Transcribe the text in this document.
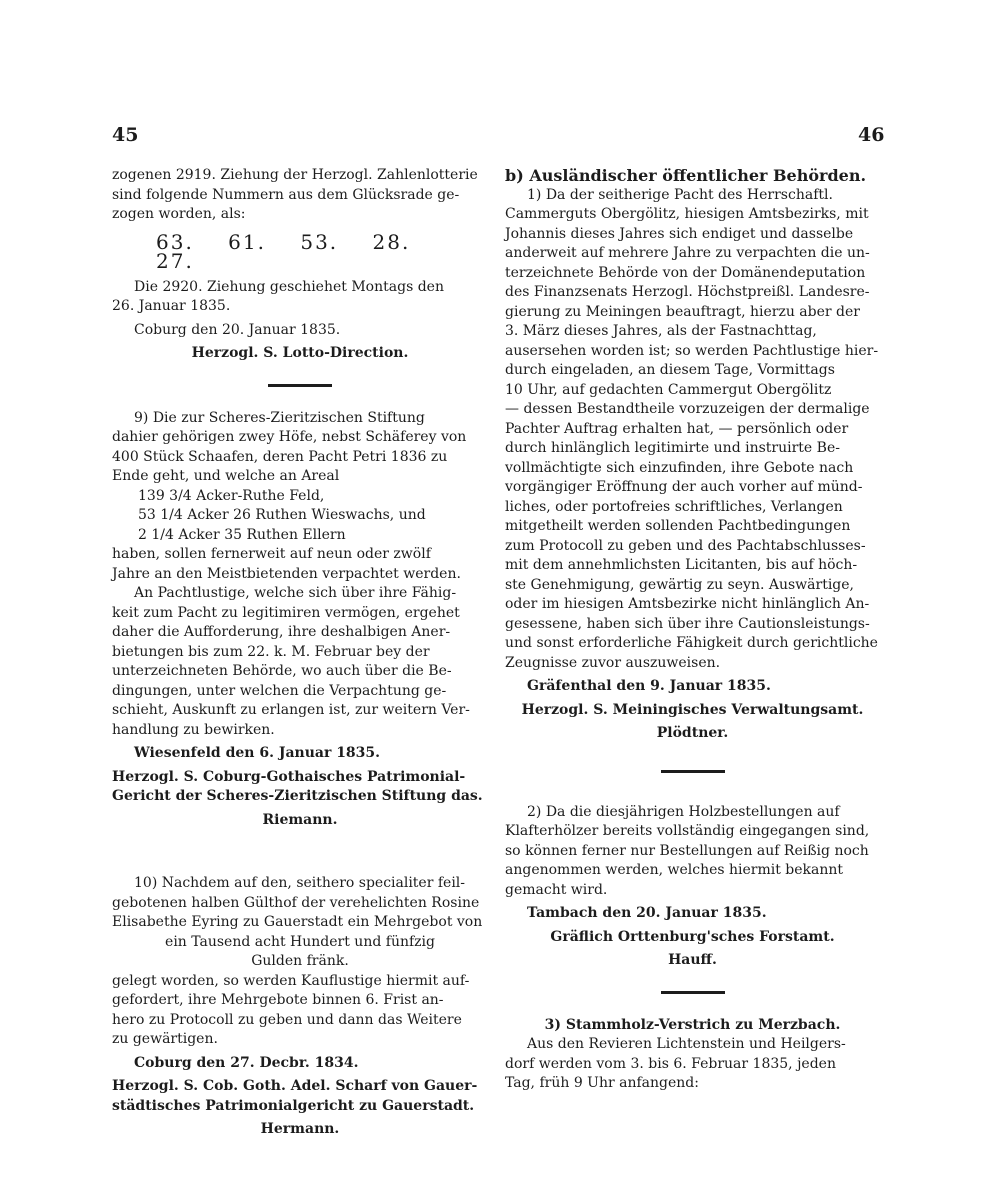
45	46

zogenen 2919. Ziehung der Herzogl. Zahlenlotterie

sind folgende Nummern aus dem Glücksrade ge-

zogen worden, als:

63. 61. 53. 28. 27.

Die 2920. Ziehung geschiehet Montags den

26. Januar 1835.

Coburg den 20. Januar 1835.

Herzogl. S. Lotto-Direction.

9) Die zur Scheres-Zieritzischen Stiftung

dahier gehörigen zwey Höfe, nebst Schäferey von

400 Stück Schaafen, deren Pacht Petri 1836 zu

Ende geht, und welche an Areal

139 3/4 Acker-Ruthe Feld,

53 1/4 Acker 26 Ruthen Wieswachs, und

2 1/4 Acker 35 Ruthen Ellern

haben, sollen fernerweit auf neun oder zwölf

Jahre an den Meistbietenden verpachtet werden.

An Pachtlustige, welche sich über ihre Fähig-

keit zum Pacht zu legitimiren vermögen, ergehet

daher die Aufforderung, ihre deshalbigen Aner-

bietungen bis zum 22. k. M. Februar bey der

unterzeichneten Behörde, wo auch über die Be-

dingungen, unter welchen die Verpachtung ge-

schieht, Auskunft zu erlangen ist, zur weitern Ver-

handlung zu bewirken.

Wiesenfeld den 6. Januar 1835.

Herzogl. S. Coburg-Gothaisches Patrimonial-

Gericht der Scheres-Zieritzischen Stiftung das.

Riemann.

10) Nachdem auf den, seithero specialiter feil-

gebotenen halben Gülthof der verehelichten Rosine

Elisabethe Eyring zu Gauerstadt ein Mehrgebot von

ein Tausend acht Hundert und fünfzig

Gulden fränk.

gelegt worden, so werden Kauflustige hiermit auf-

gefordert, ihre Mehrgebote binnen 6. Frist an-

hero zu Protocoll zu geben und dann das Weitere

zu gewärtigen.

Coburg den 27. Decbr. 1834.

Herzogl. S. Cob. Goth. Adel. Scharf von Gauer-

städtisches Patrimonialgericht zu Gauerstadt.

Hermann.

b) Ausländischer öffentlicher Behörden.

1) Da der seitherige Pacht des Herrschaftl.

Cammerguts Obergölitz, hiesigen Amtsbezirks, mit

Johannis dieses Jahres sich endiget und dasselbe

anderweit auf mehrere Jahre zu verpachten die un-

terzeichnete Behörde von der Domänendeputation

des Finanzsenats Herzogl. Höchstpreißl. Landesre-

gierung zu Meiningen beauftragt, hierzu aber der

3. März dieses Jahres, als der Fastnachttag,

ausersehen worden ist; so werden Pachtlustige hier-

durch eingeladen, an diesem Tage, Vormittags

10 Uhr, auf gedachten Cammergut Obergölitz

— dessen Bestandtheile vorzuzeigen der dermalige

Pachter Auftrag erhalten hat, — persönlich oder

durch hinlänglich legitimirte und instruirte Be-

vollmächtigte sich einzufinden, ihre Gebote nach

vorgängiger Eröffnung der auch vorher auf münd-

liches, oder portofreies schriftliches, Verlangen

mitgetheilt werden sollenden Pachtbedingungen

zum Protocoll zu geben und des Pachtabschlusses-

mit dem annehmlichsten Licitanten, bis auf höch-

ste Genehmigung, gewärtig zu seyn. Auswärtige,

oder im hiesigen Amtsbezirke nicht hinlänglich An-

gesessene, haben sich über ihre Cautionsleistungs-

und sonst erforderliche Fähigkeit durch gerichtliche

Zeugnisse zuvor auszuweisen.

Gräfenthal den 9. Januar 1835.

Herzogl. S. Meiningisches Verwaltungsamt.

Plödtner.

2) Da die diesjährigen Holzbestellungen auf

Klafterhölzer bereits vollständig eingegangen sind,

so können ferner nur Bestellungen auf Reißig noch

angenommen werden, welches hiermit bekannt

gemacht wird.

Tambach den 20. Januar 1835.

Gräflich Orttenburg'sches Forstamt.

Hauff.

3) Stammholz-Verstrich zu Merzbach.

Aus den Revieren Lichtenstein und Heilgers-

dorf werden vom 3. bis 6. Februar 1835, jeden

Tag, früh 9 Uhr anfangend:
